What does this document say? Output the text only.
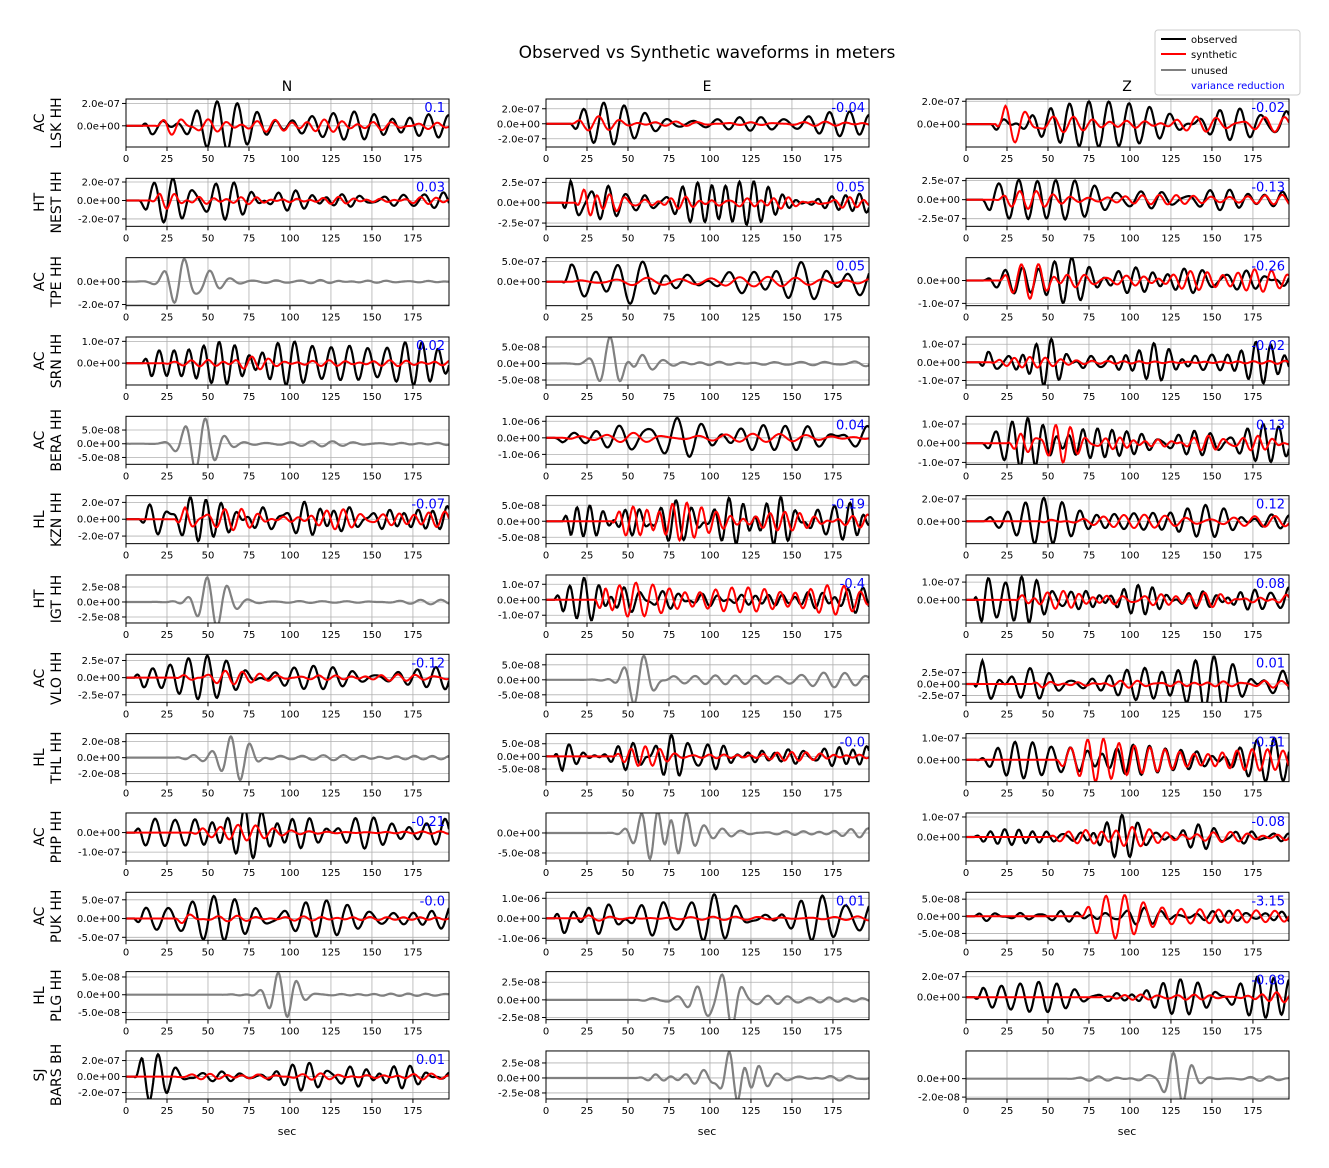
Observed vs Synthetic waveforms in meters
N	E	Z
AC LSK HH 0.0e+00
2.0e-07
0	25	50	75	100 125 150 175
0.1
-2.0e-07
0.0e+00
2.0e-07
0	25	50	75	100 125 150 175
-0.04
0.0e+00
2.0e-07
0	25	50	75	100 125 150 175
-0.02
HT NEST HH -2.0e-07
0.0e+00
2.0e-07
0	25	50	75	100 125 150 175
0.03
-2.5e-07
0.0e+00
2.5e-07
0	25	50	75	100 125 150 175
0.05
-2.5e-07
0.0e+00
2.5e-07
0	25	50	75	100 125 150 175
-0.13
AC TPE HH -2.0e-07
0.0e+00
0	25	50	75	100 125 150 175
0.0e+00
5.0e-07
0	25	50	75	100 125 150 175
0.05
-1.0e-07
0.0e+00
0	25	50	75	100 125 150 175
-0.26
AC SRN HH 0.0e+00
1.0e-07
0	25	50	75	100 125 150 175
0.02
-5.0e-08
0.0e+00
5.0e-08
0	25	50	75	100 125 150 175
-1.0e-07
0.0e+00
1.0e-07
0	25	50	75	100 125 150 175
-0.02
AC BERA HH -5.0e-08
0.0e+00
5.0e-08
0	25	50	75	100 125 150 175
-1.0e-06
0.0e+00
1.0e-06
0	25	50	75	100 125 150 175
0.04
-1.0e-07
0.0e+00
1.0e-07
0	25	50	75	100 125 150 175
0.13
HL KZN HH -2.0e-07
0.0e+00
2.0e-07
0	25	50	75	100 125 150 175
-0.07
-5.0e-08
0.0e+00
5.0e-08
0	25	50	75	100 125 150 175
-0.19
0.0e+00
2.0e-07
0	25	50	75	100 125 150 175
0.12
HT IGT HH -2.5e-08
0.0e+00
2.5e-08
0	25	50	75	100 125 150 175
-1.0e-07
0.0e+00
1.0e-07
0	25	50	75	100 125 150 175
-0.4
0.0e+00
1.0e-07
0	25	50	75	100 125 150 175
0.08
AC VLO HH -2.5e-07
0.0e+00
2.5e-07
0	25	50	75	100 125 150 175
-0.12
-5.0e-08
0.0e+00
5.0e-08
0	25	50	75	100 125 150 175
-2.5e-07
0.0e+00
2.5e-07
0	25	50	75	100 125 150 175
0.01
HL THL HH -2.0e-08
0.0e+00
2.0e-08
0	25	50	75	100 125 150 175
-5.0e-08
0.0e+00
5.0e-08
0	25	50	75	100 125 150 175
-0.0
0.0e+00
1.0e-07
0	25	50	75	100 125 150 175
-0.31
AC PHP HH -1.0e-07
0.0e+00
0	25	50	75	100 125 150 175
-0.21
-5.0e-08
0.0e+00
0	25	50	75	100 125 150 175
0.0e+00
1.0e-07
0	25	50	75	100 125 150 175
-0.08
AC PUK HH -5.0e-07
0.0e+00
5.0e-07
0	25	50	75	100 125 150 175
-0.0
-1.0e-06
0.0e+00
1.0e-06
0	25	50	75	100 125 150 175
0.01
-5.0e-08
0.0e+00
5.0e-08
0	25	50	75	100 125 150 175
-3.15
HL PLG HH -5.0e-08
0.0e+00
5.0e-08
0	25	50	75	100 125 150 175
-2.5e-08
0.0e+00
2.5e-08
0	25	50	75	100 125 150 175
0.0e+00
2.0e-07
0	25	50	75	100 125 150 175
-0.08
SJ BARS BH -2.0e-07
0.0e+00
2.0e-07
0	25	50	75	100 125 150 175
0.01
-2.5e-08
0.0e+00
2.5e-08
0	25	50	75	100 125 150 175
-2.0e-08
0.0e+00
0	25	50	75	100 125 150 175
sec	sec	sec
observed
synthetic
unused
variance reduction
